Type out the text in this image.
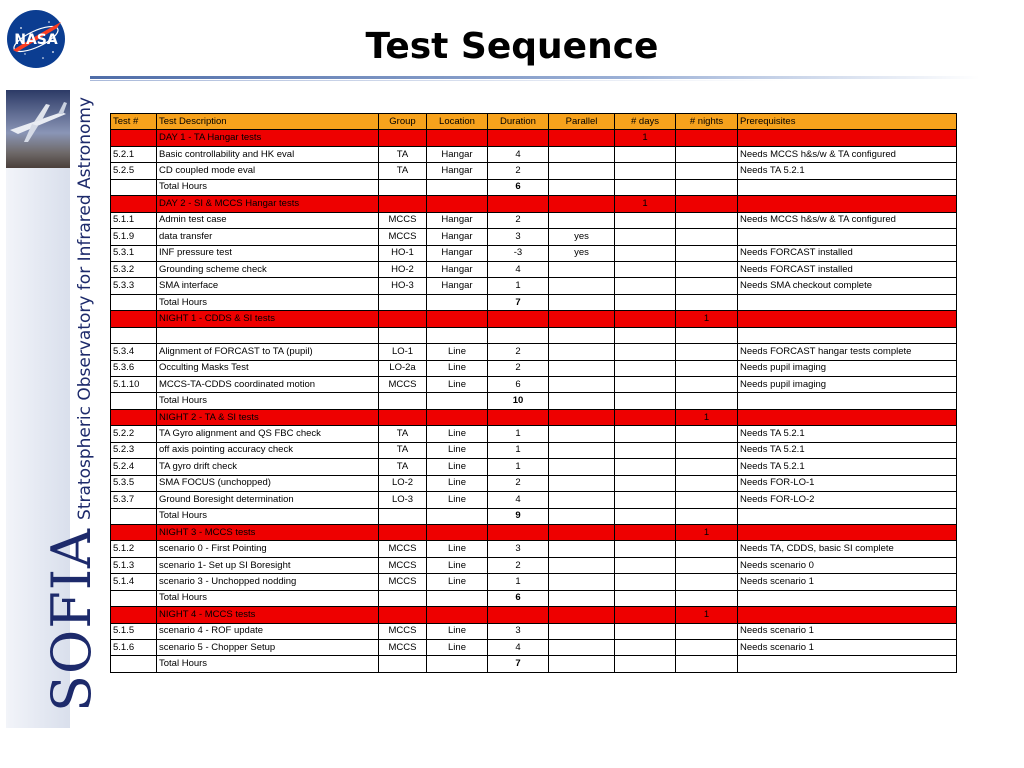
NASA	Test Sequence
SOFIAStratospheric Observatory for Infrared Astronomy	Test #	Test Description	Group	Location	Duration	Parallel	# days	# nights	Prerequisites
	DAY 1 - TA Hangar tests					1		
5.2.1	Basic controllability and HK eval	TA	Hangar	4				Needs MCCS h&s/w & TA configured
5.2.5	CD coupled mode eval	TA	Hangar	2				Needs TA 5.2.1
	Total Hours			6				
	DAY 2 - SI & MCCS Hangar tests					1		
5.1.1	Admin test case	MCCS	Hangar	2				Needs MCCS h&s/w & TA configured
5.1.9	data transfer	MCCS	Hangar	3	yes			
5.3.1	INF pressure test	HO-1	Hangar	-3	yes			Needs FORCAST installed
5.3.2	Grounding scheme check	HO-2	Hangar	4				Needs FORCAST installed
5.3.3	SMA interface	HO-3	Hangar	1				Needs SMA checkout complete
	Total Hours			7				
	NIGHT 1 - CDDS & SI tests						1	

5.3.4	Alignment of FORCAST to TA (pupil)	LO-1	Line	2				Needs FORCAST hangar tests complete
5.3.6	Occulting Masks Test	LO-2a	Line	2				Needs pupil imaging
5.1.10	MCCS-TA-CDDS coordinated motion	MCCS	Line	6				Needs pupil imaging
	Total Hours			10				
	NIGHT 2 - TA & SI tests						1	
5.2.2	TA Gyro alignment and QS FBC check	TA	Line	1				Needs TA 5.2.1
5.2.3	off axis pointing accuracy check	TA	Line	1				Needs TA 5.2.1
5.2.4	TA gyro drift check	TA	Line	1				Needs TA 5.2.1
5.3.5	SMA FOCUS (unchopped)	LO-2	Line	2				Needs FOR-LO-1
5.3.7	Ground Boresight determination	LO-3	Line	4				Needs FOR-LO-2
	Total Hours			9				
	NIGHT 3 - MCCS tests						1	
5.1.2	scenario 0 - First Pointing	MCCS	Line	3				Needs TA, CDDS, basic SI complete
5.1.3	scenario 1- Set up SI Boresight	MCCS	Line	2				Needs scenario 0
5.1.4	scenario 3 - Unchopped nodding	MCCS	Line	1				Needs scenario 1
	Total Hours			6				
	NIGHT 4 - MCCS tests						1	
5.1.5	scenario 4 - ROF update	MCCS	Line	3				Needs scenario 1
5.1.6	scenario 5 - Chopper Setup	MCCS	Line	4				Needs scenario 1
	Total Hours			7				
